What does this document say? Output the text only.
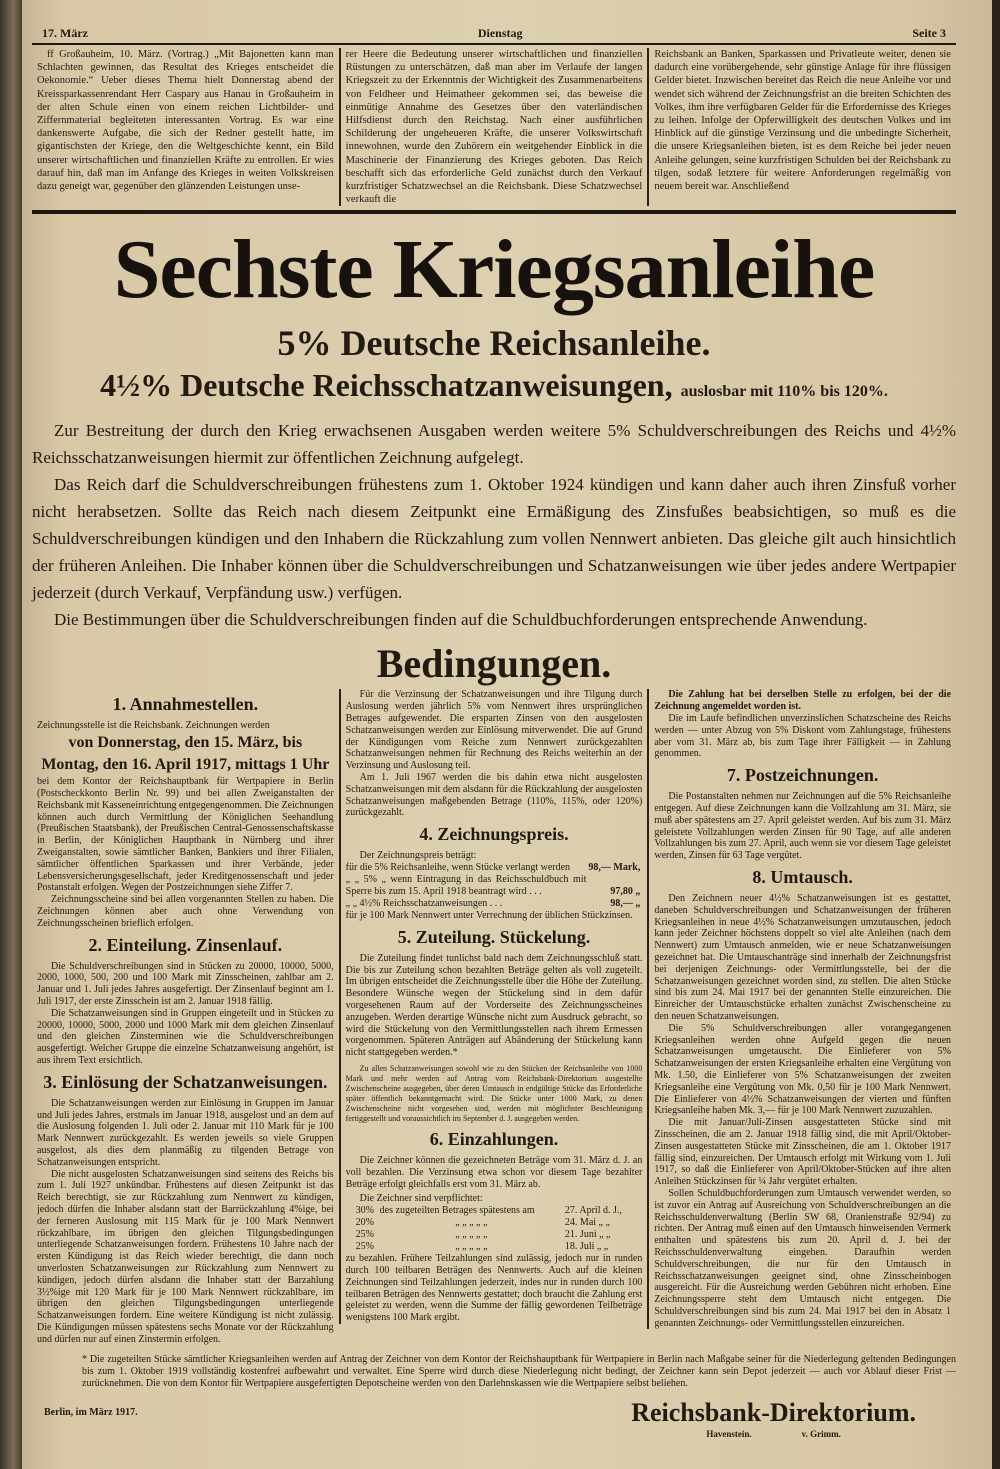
17. März	Dienstag	Seite 3

ff Großauheim, 10. März. (Vortrag.) „Mit Bajonetten kann man Schlachten gewinnen, das Resultat des Krieges entscheidet die Oekonomie.“ Ueber dieses Thema hielt Donnerstag abend der Kreissparkassenrendant Herr Caspary aus Hanau in Großauheim in der alten Schule einen von einem reichen Lichtbilder- und Ziffernmaterial begleiteten interessanten Vortrag. Es war eine dankenswerte Aufgabe, die sich der Redner gestellt hatte, im gigantischsten der Kriege, den die Weltgeschichte kennt, ein Bild unserer wirtschaftlichen und finanziellen Kräfte zu entrollen. Er wies darauf hin, daß man im Anfange des Krieges in weiten Volkskreisen dazu geneigt war, gegenüber den glänzenden Leistungen unse-

rer Heere die Bedeutung unserer wirtschaftlichen und finanziellen Rüstungen zu unterschätzen, daß man aber im Verlaufe der langen Kriegszeit zu der Erkenntnis der Wichtigkeit des Zusammenarbeitens von Feldheer und Heimatheer gekommen sei, das beweise die einmütige Annahme des Gesetzes über den vaterländischen Hilfsdienst durch den Reichstag. Nach einer ausführlichen Schilderung der ungeheueren Kräfte, die unserer Volkswirtschaft innewohnen, wurde den Zuhörern ein weitgehender Einblick in die Maschinerie der Finanzierung des Krieges geboten. Das Reich beschafft sich das erforderliche Geld zunächst durch den Verkauf kurzfristiger Schatzwechsel an die Reichsbank. Diese Schatzwechsel verkauft die

Reichsbank an Banken, Sparkassen und Privatleute weiter, denen sie dadurch eine vorübergehende, sehr günstige Anlage für ihre flüssigen Gelder bietet. Inzwischen bereitet das Reich die neue Anleihe vor und wendet sich während der Zeichnungsfrist an die breiten Schichten des Volkes, ihm ihre verfügbaren Gelder für die Erfordernisse des Krieges zu leihen. Infolge der Opferwilligkeit des deutschen Volkes und im Hinblick auf die günstige Verzinsung und die unbedingte Sicherheit, die unsere Kriegsanleihen bieten, ist es dem Reiche bei jeder neuen Anleihe gelungen, seine kurzfristigen Schulden bei der Reichsbank zu tilgen, sodaß letztere für weitere Anforderungen regelmäßig von neuem bereit war. Anschließend

Sechste Kriegsanleihe
5% Deutsche Reichsanleihe.
4½% Deutsche Reichsschatzanweisungen, auslosbar mit 110% bis 120%.

Zur Bestreitung der durch den Krieg erwachsenen Ausgaben werden weitere 5% Schuldverschreibungen des Reichs und 4½% Reichsschatzanweisungen hiermit zur öffentlichen Zeichnung aufgelegt.

Das Reich darf die Schuldverschreibungen frühestens zum 1. Oktober 1924 kündigen und kann daher auch ihren Zinsfuß vorher nicht herabsetzen. Sollte das Reich nach diesem Zeitpunkt eine Ermäßigung des Zinsfußes beabsichtigen, so muß es die Schuldverschreibungen kündigen und den Inhabern die Rückzahlung zum vollen Nennwert anbieten. Das gleiche gilt auch hinsichtlich der früheren Anleihen. Die Inhaber können über die Schuldverschreibungen und Schatzanweisungen wie über jedes andere Wertpapier jederzeit (durch Verkauf, Verpfändung usw.) verfügen.

Die Bestimmungen über die Schuldverschreibungen finden auf die Schuldbuchforderungen entsprechende Anwendung.

Bedingungen.
1. Annahmestellen.

Zeichnungsstelle ist die Reichsbank. Zeichnungen werden

von Donnerstag, den 15. März, bis

Montag, den 16. April 1917, mittags 1 Uhr

bei dem Kontor der Reichshauptbank für Wertpapiere in Berlin (Postscheckkonto Berlin Nr. 99) und bei allen Zweiganstalten der Reichsbank mit Kasseneinrichtung entgegengenommen. Die Zeichnungen können auch durch Vermittlung der Königlichen Seehandlung (Preußischen Staatsbank), der Preußischen Central-Genossenschaftskasse in Berlin, der Königlichen Hauptbank in Nürnberg und ihrer Zweiganstalten, sowie sämtlicher Banken, Bankiers und ihrer Filialen, sämtlicher öffentlichen Sparkassen und ihrer Verbände, jeder Lebensversicherungsgesellschaft, jeder Kreditgenossenschaft und jeder Postanstalt erfolgen. Wegen der Postzeichnungen siehe Ziffer 7.

Zeichnungsscheine sind bei allen vorgenannten Stellen zu haben. Die Zeichnungen können aber auch ohne Verwendung von Zeichnungsscheinen brieflich erfolgen.

2. Einteilung. Zinsenlauf.

Die Schuldverschreibungen sind in Stücken zu 20000, 10000, 5000, 2000, 1000, 500, 200 und 100 Mark mit Zinsscheinen, zahlbar am 2. Januar und 1. Juli jedes Jahres ausgefertigt. Der Zinsenlauf beginnt am 1. Juli 1917, der erste Zinsschein ist am 2. Januar 1918 fällig.

Die Schatzanweisungen sind in Gruppen eingeteilt und in Stücken zu 20000, 10000, 5000, 2000 und 1000 Mark mit dem gleichen Zinsenlauf und den gleichen Zinsterminen wie die Schuldverschreibungen ausgefertigt. Welcher Gruppe die einzelne Schatzanweisung angehört, ist aus ihrem Text ersichtlich.

3. Einlösung der Schatzanweisungen.

Die Schatzanweisungen werden zur Einlösung in Gruppen im Januar und Juli jedes Jahres, erstmals im Januar 1918, ausgelost und an dem auf die Auslosung folgenden 1. Juli oder 2. Januar mit 110 Mark für je 100 Mark Nennwert zurückgezahlt. Es werden jeweils so viele Gruppen ausgelost, als dies dem planmäßig zu tilgenden Betrage von Schatzanweisungen entspricht.

Die nicht ausgelosten Schatzanweisungen sind seitens des Reichs bis zum 1. Juli 1927 unkündbar. Frühestens auf diesen Zeitpunkt ist das Reich berechtigt, sie zur Rückzahlung zum Nennwert zu kündigen, jedoch dürfen die Inhaber alsdann statt der Barrückzahlung 4%ige, bei der ferneren Auslosung mit 115 Mark für je 100 Mark Nennwert rückzahlbare, im übrigen den gleichen Tilgungsbedingungen unterliegende Schatzanweisungen fordern. Frühestens 10 Jahre nach der ersten Kündigung ist das Reich wieder berechtigt, die dann noch unverlosten Schatzanweisungen zur Rückzahlung zum Nennwert zu kündigen, jedoch dürfen alsdann die Inhaber statt der Barzahlung 3½%ige mit 120 Mark für je 100 Mark Nennwert rückzahlbare, im übrigen den gleichen Tilgungsbedingungen unterliegende Schatzanweisungen fordern. Eine weitere Kündigung ist nicht zulässig. Die Kündigungen müssen spätestens sechs Monate vor der Rückzahlung und dürfen nur auf einen Zinstermin erfolgen.

Für die Verzinsung der Schatzanweisungen und ihre Tilgung durch Auslosung werden jährlich 5% vom Nennwert ihres ursprünglichen Betrages aufgewendet. Die ersparten Zinsen von den ausgelosten Schatzanweisungen werden zur Einlösung mitverwendet. Die auf Grund der Kündigungen vom Reiche zum Nennwert zurückgezahlten Schatzanweisungen nehmen für Rechnung des Reichs weiterhin an der Verzinsung und Auslosung teil.

Am 1. Juli 1967 werden die bis dahin etwa nicht ausgelosten Schatzanweisungen mit dem alsdann für die Rückzahlung der ausgelosten Schatzanweisungen maßgebenden Betrage (110%, 115%, oder 120%) zurückgezahlt.

4. Zeichnungspreis.

Der Zeichnungspreis beträgt:

für die 5% Reichsanleihe, wenn Stücke verlangt werden	98,— Mark,
„ „ 5% „ wenn Eintragung in das Reichsschuldbuch mit Sperre bis zum 15. April 1918 beantragt wird . . .	97,80 „
„ „ 4½% Reichsschatzanweisungen . . .	98,— „

für je 100 Mark Nennwert unter Verrechnung der üblichen Stückzinsen.

5. Zuteilung. Stückelung.

Die Zuteilung findet tunlichst bald nach dem Zeichnungsschluß statt. Die bis zur Zuteilung schon bezahlten Beträge gelten als voll zugeteilt. Im übrigen entscheidet die Zeichnungsstelle über die Höhe der Zuteilung. Besondere Wünsche wegen der Stückelung sind in dem dafür vorgesehenen Raum auf der Vorderseite des Zeichnungsscheines anzugeben. Werden derartige Wünsche nicht zum Ausdruck gebracht, so wird die Stückelung von den Vermittlungsstellen nach ihrem Ermessen vorgenommen. Späteren Anträgen auf Abänderung der Stückelung kann nicht stattgegeben werden.*

Zu allen Schatzanweisungen sowohl wie zu den Stücken der Reichsanleihe von 1000 Mark und mehr werden auf Antrag vom Reichsbank-Direktorium ausgestellte Zwischenscheine ausgegeben, über deren Umtausch in endgültige Stücke das Erforderliche später öffentlich bekanntgemacht wird. Die Stücke unter 1000 Mark, zu denen Zwischenscheine nicht vorgesehen sind, werden mit möglichster Beschleunigung fertiggestellt und voraussichtlich im September d. J. ausgegeben werden.

6. Einzahlungen.

Die Zeichner können die gezeichneten Beträge vom 31. März d. J. an voll bezahlen. Die Verzinsung etwa schon vor diesem Tage bezahlter Beträge erfolgt gleichfalls erst vom 31. März ab.

Die Zeichner sind verpflichtet:

30%	des zugeteilten Betrages spätestens am	27. April d. J.,
20%	„ „ „ „ „	24. Mai „ „
25%	„ „ „ „ „	21. Juni „ „
25%	„ „ „ „ „	18. Juli „ „

zu bezahlen. Frühere Teilzahlungen sind zulässig, jedoch nur in runden durch 100 teilbaren Beträgen des Nennwerts. Auch auf die kleinen Zeichnungen sind Teilzahlungen jederzeit, indes nur in runden durch 100 teilbaren Beträgen des Nennwerts gestattet; doch braucht die Zahlung erst geleistet zu werden, wenn die Summe der fällig gewordenen Teilbeträge wenigstens 100 Mark ergibt.

Die Zahlung hat bei derselben Stelle zu erfolgen, bei der die Zeichnung angemeldet worden ist.

Die im Laufe befindlichen unverzinslichen Schatzscheine des Reichs werden — unter Abzug von 5% Diskont vom Zahlungstage, frühestens aber vom 31. März ab, bis zum Tage ihrer Fälligkeit — in Zahlung genommen.

7. Postzeichnungen.

Die Postanstalten nehmen nur Zeichnungen auf die 5% Reichsanleihe entgegen. Auf diese Zeichnungen kann die Vollzahlung am 31. März, sie muß aber spätestens am 27. April geleistet werden. Auf bis zum 31. März geleistete Vollzahlungen werden Zinsen für 90 Tage, auf alle anderen Vollzahlungen bis zum 27. April, auch wenn sie vor diesem Tage geleistet werden, Zinsen für 63 Tage vergütet.

8. Umtausch.

Den Zeichnern neuer 4½% Schatzanweisungen ist es gestattet, daneben Schuldverschreibungen und Schatzanweisungen der früheren Kriegsanleihen in neue 4½% Schatzanweisungen umzutauschen, jedoch kann jeder Zeichner höchstens doppelt so viel alte Anleihen (nach dem Nennwert) zum Umtausch anmelden, wie er neue Schatzanweisungen gezeichnet hat. Die Umtauschanträge sind innerhalb der Zeichnungsfrist bei derjenigen Zeichnungs- oder Vermittlungsstelle, bei der die Schatzanweisungen gezeichnet worden sind, zu stellen. Die alten Stücke sind bis zum 24. Mai 1917 bei der genannten Stelle einzureichen. Die Einreicher der Umtauschstücke erhalten zunächst Zwischenscheine zu den neuen Schatzanweisungen.

Die 5% Schuldverschreibungen aller vorangegangenen Kriegsanleihen werden ohne Aufgeld gegen die neuen Schatzanweisungen umgetauscht. Die Einlieferer von 5% Schatzanweisungen der ersten Kriegsanleihe erhalten eine Vergütung von Mk. 1.50, die Einlieferer von 5% Schatzanweisungen der zweiten Kriegsanleihe eine Vergütung von Mk. 0,50 für je 100 Mark Nennwert. Die Einlieferer von 4½% Schatzanweisungen der vierten und fünften Kriegsanleihe haben Mk. 3,— für je 100 Mark Nennwert zuzuzahlen.

Die mit Januar/Juli-Zinsen ausgestatteten Stücke sind mit Zinsscheinen, die am 2. Januar 1918 fällig sind, die mit April/Oktober-Zinsen ausgestatteten Stücke mit Zinsscheinen, die am 1. Oktober 1917 fällig sind, einzureichen. Der Umtausch erfolgt mit Wirkung vom 1. Juli 1917, so daß die Einlieferer von April/Oktober-Stücken auf ihre alten Anleihen Stückzinsen für ¼ Jahr vergütet erhalten.

Sollen Schuldbuchforderungen zum Umtausch verwendet werden, so ist zuvor ein Antrag auf Ausreichung von Schuldverschreibungen an die Reichsschuldenverwaltung (Berlin SW 68, Oranienstraße 92/94) zu richten. Der Antrag muß einen auf den Umtausch hinweisenden Vermerk enthalten und spätestens bis zum 20. April d. J. bei der Reichsschuldenverwaltung eingehen. Daraufhin werden Schuldverschreibungen, die nur für den Umtausch in Reichsschatzanweisungen geeignet sind, ohne Zinsscheinbogen ausgereicht. Für die Ausreichung werden Gebühren nicht erhoben. Eine Zeichnungssperre steht dem Umtausch nicht entgegen. Die Schuldverschreibungen sind bis zum 24. Mai 1917 bei den in Absatz 1 genannten Zeichnungs- oder Vermittlungsstellen einzureichen.

* Die zugeteilten Stücke sämtlicher Kriegsanleihen werden auf Antrag der Zeichner von dem Kontor der Reichshauptbank für Wertpapiere in Berlin nach Maßgabe seiner für die Niederlegung geltenden Bedingungen bis zum 1. Oktober 1919 vollständig kostenfrei aufbewahrt und verwaltet. Eine Sperre wird durch diese Niederlegung nicht bedingt, der Zeichner kann sein Depot jederzeit — auch vor Ablauf dieser Frist — zurücknehmen. Die von dem Kontor für Wertpapiere ausgefertigten Depotscheine werden von den Darlehnskassen wie die Wertpapiere selbst beliehen.
Berlin, im März 1917.	Reichsbank-Direktorium.
Havenstein.	v. Grimm.
